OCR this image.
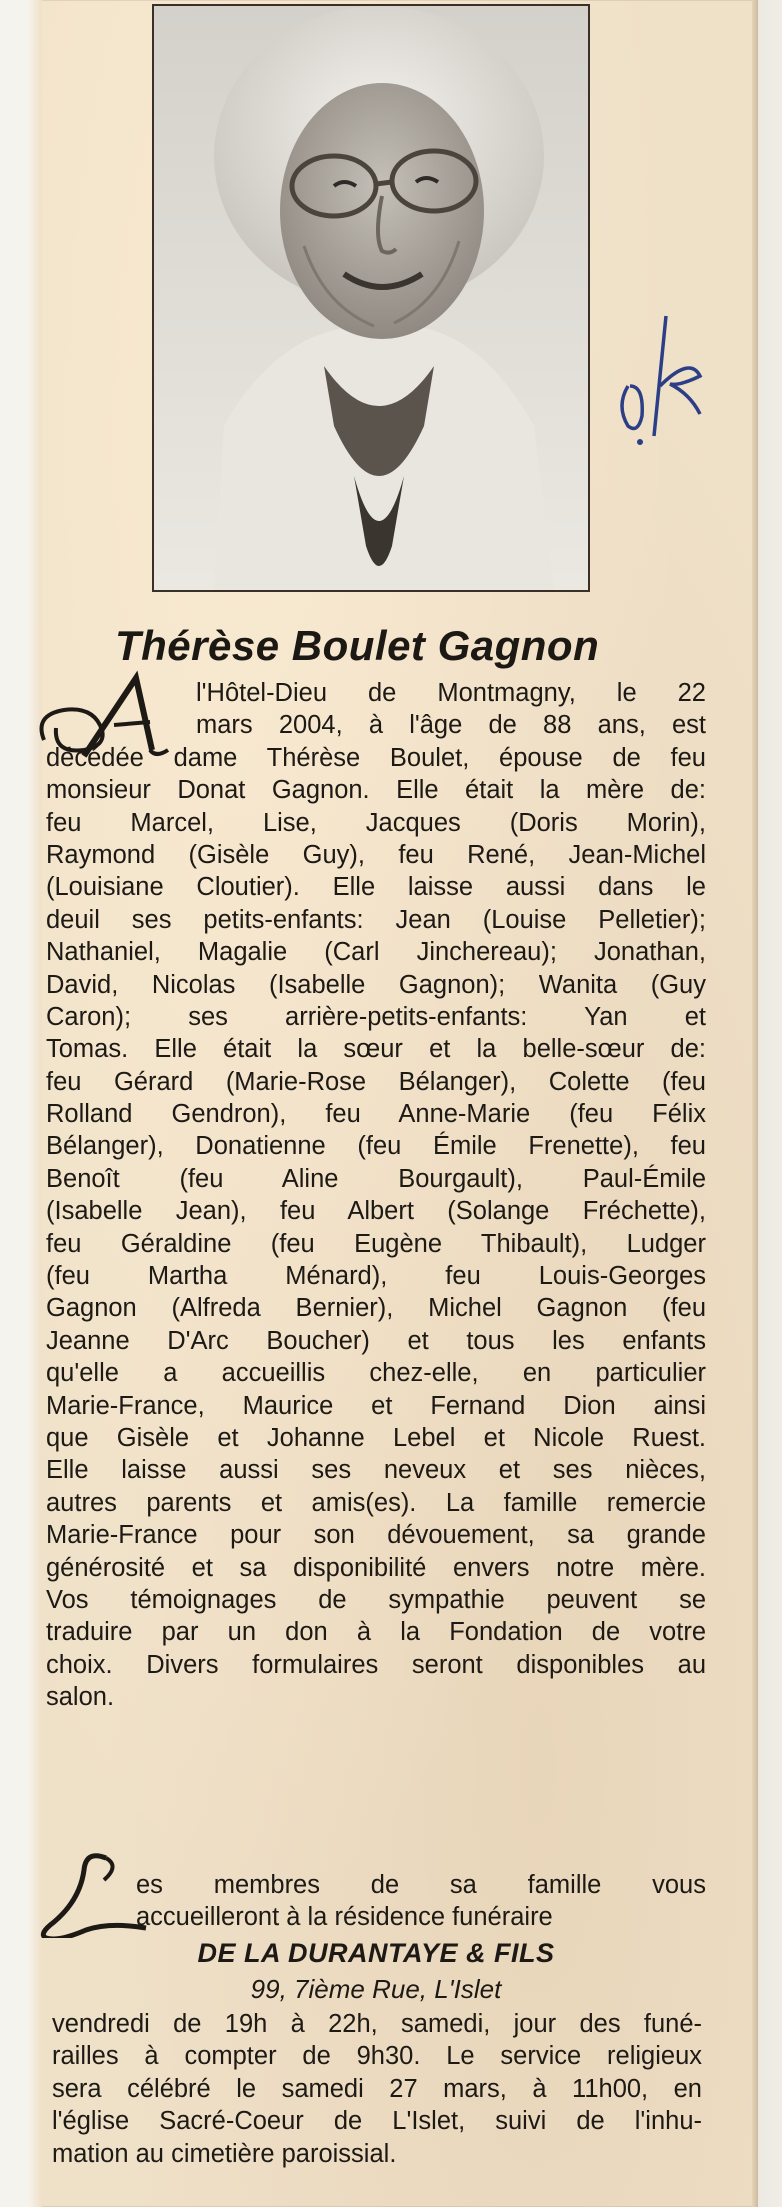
Thérèse Boulet Gagnon
l'Hôtel-Dieu de Montmagny, le 22
mars 2004, à l'âge de 88 ans, est
décédée dame Thérèse Boulet, épouse de feu
monsieur Donat Gagnon. Elle était la mère de:
feu Marcel, Lise, Jacques (Doris Morin),
Raymond (Gisèle Guy), feu René, Jean-Michel
(Louisiane Cloutier). Elle laisse aussi dans le
deuil ses petits-enfants: Jean (Louise Pelletier);
Nathaniel, Magalie (Carl Jinchereau); Jonathan,
David, Nicolas (Isabelle Gagnon); Wanita (Guy
Caron); ses arrière-petits-enfants: Yan et
Tomas. Elle était la sœur et la belle-sœur de:
feu Gérard (Marie-Rose Bélanger), Colette (feu
Rolland Gendron), feu Anne-Marie (feu Félix
Bélanger), Donatienne (feu Émile Frenette), feu
Benoît (feu Aline Bourgault), Paul-Émile
(Isabelle Jean), feu Albert (Solange Fréchette),
feu Géraldine (feu Eugène Thibault), Ludger
(feu Martha Ménard), feu Louis-Georges
Gagnon (Alfreda Bernier), Michel Gagnon (feu
Jeanne D'Arc Boucher) et tous les enfants
qu'elle a accueillis chez-elle, en particulier
Marie-France, Maurice et Fernand Dion ainsi
que Gisèle et Johanne Lebel et Nicole Ruest.
Elle laisse aussi ses neveux et ses nièces,
autres parents et amis(es). La famille remercie
Marie-France pour son dévouement, sa grande
générosité et sa disponibilité envers notre mère.
Vos témoignages de sympathie peuvent se
traduire par un don à la Fondation de votre
choix. Divers formulaires seront disponibles au
salon.
es membres de sa famille vous
accueilleront à la résidence funéraire
DE LA DURANTAYE & FILS
99, 7ième Rue, L'Islet
vendredi de 19h à 22h, samedi, jour des funé-
railles à compter de 9h30. Le service religieux
sera célébré le samedi 27 mars, à 11h00, en
l'église Sacré-Coeur de L'Islet, suivi de l'inhu-
mation au cimetière paroissial.
